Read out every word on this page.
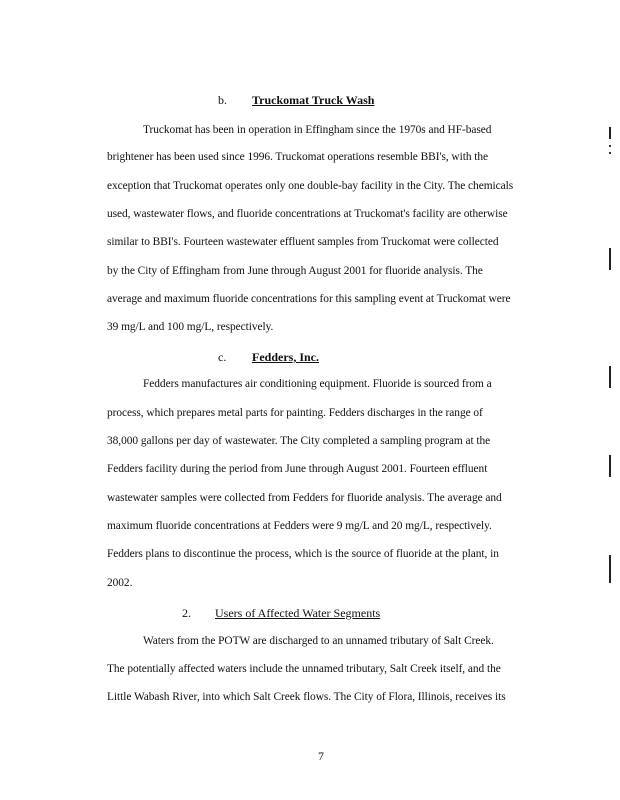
b. Truckomat Truck Wash
Truckomat has been in operation in Effingham since the 1970s and HF-based
brightener has been used since 1996. Truckomat operations resemble BBI's, with the
exception that Truckomat operates only one double-bay facility in the City. The chemicals
used, wastewater flows, and fluoride concentrations at Truckomat's facility are otherwise
similar to BBI's. Fourteen wastewater effluent samples from Truckomat were collected
by the City of Effingham from June through August 2001 for fluoride analysis. The
average and maximum fluoride concentrations for this sampling event at Truckomat were
39 mg/L and 100 mg/L, respectively.
c. Fedders, Inc.
Fedders manufactures air conditioning equipment. Fluoride is sourced from a
process, which prepares metal parts for painting. Fedders discharges in the range of
38,000 gallons per day of wastewater. The City completed a sampling program at the
Fedders facility during the period from June through August 2001. Fourteen effluent
wastewater samples were collected from Fedders for fluoride analysis. The average and
maximum fluoride concentrations at Fedders were 9 mg/L and 20 mg/L, respectively.
Fedders plans to discontinue the process, which is the source of fluoride at the plant, in
2002.
2. Users of Affected Water Segments
Waters from the POTW are discharged to an unnamed tributary of Salt Creek.
The potentially affected waters include the unnamed tributary, Salt Creek itself, and the
Little Wabash River, into which Salt Creek flows. The City of Flora, Illinois, receives its
7
